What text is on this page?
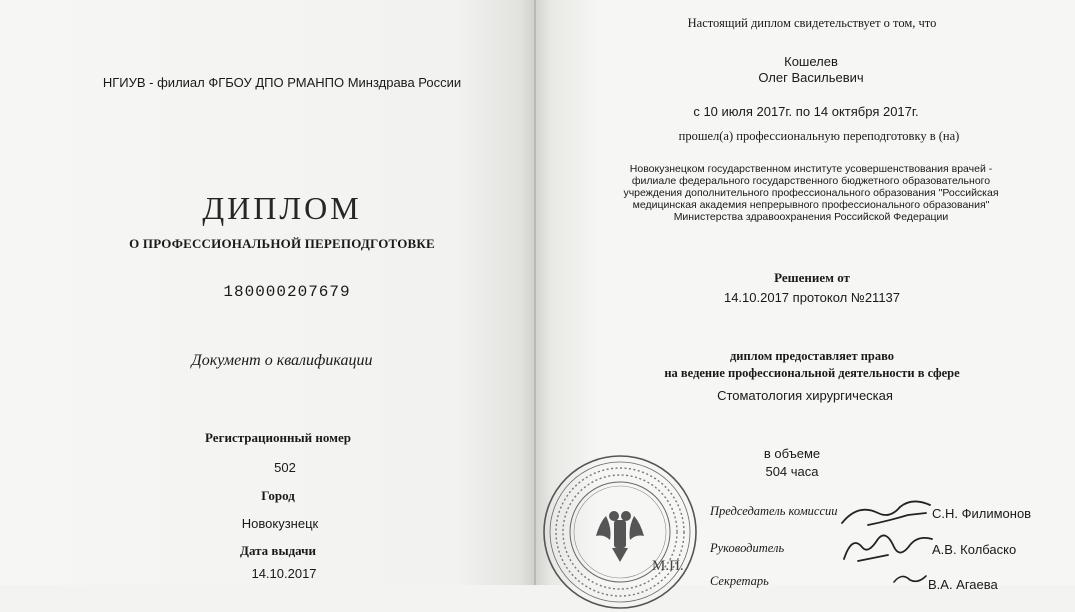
НГИУВ - филиал ФГБОУ ДПО РМАНПО Минздрава России
ДИПЛОМ
О ПРОФЕССИОНАЛЬНОЙ ПЕРЕПОДГОТОВКЕ
180000207679
Документ о квалификации
Регистрационный номер
502
Город
Новокузнецк
Дата выдачи
14.10.2017
Настоящий диплом свидетельствует о том, что
Кошелев
Олег Васильевич
с 10 июля 2017г. по 14 октября 2017г.
прошел(а) профессиональную переподготовку в (на)
Новокузнецком государственном институте усовершенствования врачей -
филиале федерального государственного бюджетного образовательного
учреждения дополнительного профессионального образования "Российская
медицинская академия непрерывного профессионального образования"
Министерства здравоохранения Российской Федерации
Решением от
14.10.2017 протокол №21137
диплом предоставляет право
на ведение профессиональной деятельности в сфере
Стоматология хирургическая
в объеме
504 часа
М.П.
Председатель комиссии	С.Н. Филимонов
Руководитель	А.В. Колбаско
Секретарь	В.А. Агаева
